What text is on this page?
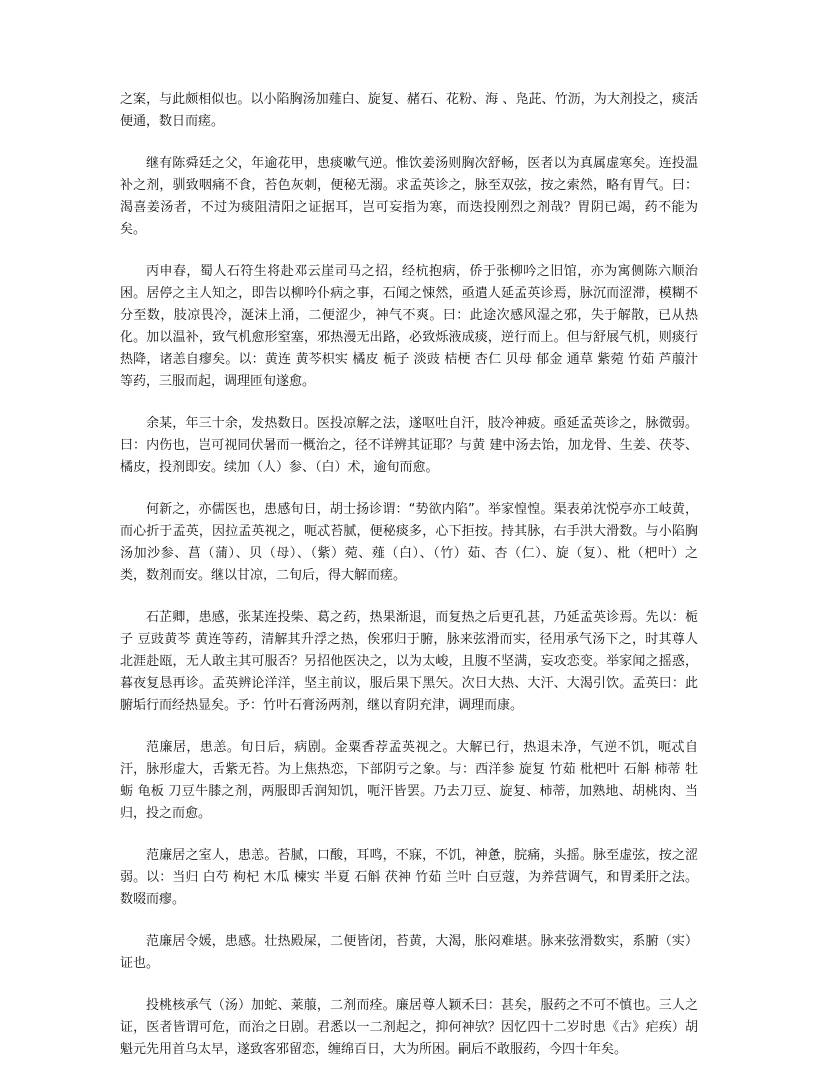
之案，与此颇相似也。以小陷胸汤加薤白、旋复、赭石、花粉、海 、凫茈、竹沥，为大剂投之，痰活便通，数日而瘥。

继有陈舜廷之父，年逾花甲，患痰嗽气逆。惟饮姜汤则胸次舒畅，医者以为真属虚寒矣。连投温补之剂，驯致咽痛不食，苔色灰刺，便秘无溺。求孟英诊之，脉至双弦，按之索然，略有胃气。曰：渴喜姜汤者，不过为痰阻清阳之证据耳，岂可妄指为寒，而迭投刚烈之剂哉？胃阴已竭，药不能为矣。

丙申春，蜀人石符生将赴邓云崖司马之招，经杭抱病，侨于张柳吟之旧馆，亦为寓侧陈六顺治困。居停之主人知之，即告以柳吟仆病之事，石闻之悚然，亟遣人延孟英诊焉，脉沉而涩滞，模糊不分至数，肢凉畏冷，涎沫上涌，二便涩少，神气不爽。曰：此途次感风湿之邪，失于解散，已从热化。加以温补，致气机愈形窒塞，邪热漫无出路，必致烁液成痰，逆行而上。但与舒展气机，则痰行热降，诸恙自瘳矣。以：黄连 黄芩枳实 橘皮 栀子 淡豉 桔梗 杏仁 贝母 郁金 通草 紫菀 竹茹 芦菔汁等药，三服而起，调理匝旬遂愈。

余某，年三十余，发热数日。医投凉解之法，遂呕吐自汗，肢冷神疲。亟延孟英诊之，脉微弱。曰：内伤也，岂可视同伏暑而一概治之，径不详辨其证耶？与黄 建中汤去饴，加龙骨、生姜、茯苓、橘皮，投剂即安。续加（人）参、（白）术，逾旬而愈。

何新之，亦儒医也，患感旬日，胡士扬诊谓：“势欲内陷”。举家惶惶。渠表弟沈悦亭亦工岐黄，而心折于孟英，因拉孟英视之，呃忒苔腻，便秘痰多，心下拒按。持其脉，右手洪大滑数。与小陷胸汤加沙参、菖（蒲）、贝（母）、（紫）菀、薤（白）、（竹）茹、杏（仁）、旋（复）、枇（杷叶）之类，数剂而安。继以甘凉，二旬后，得大解而瘥。

石芷卿，患感，张某连投柴、葛之药，热果渐退，而复热之后更孔甚，乃延孟英诊焉。先以：栀子 豆豉黄芩 黄连等药，清解其升浮之热，俟邪归于腑，脉来弦滑而实，径用承气汤下之，时其尊人北涯赴瓯，无人敢主其可服否？另招他医决之，以为太峻，且腹不坚满，妄攻恋变。举家闻之摇惑，暮夜复恳再诊。孟英辨论洋洋，坚主前议，服后果下黑矢。次日大热、大汗、大渴引饮。孟英曰：此腑垢行而经热显矣。予：竹叶石膏汤两剂，继以育阴充津，调理而康。

范廉居，患恙。旬日后，病剧。金粟香荐孟英视之。大解已行，热退未净，气逆不饥，呃忒自汗，脉形虚大，舌紫无苔。为上焦热恋，下部阴亏之象。与：西洋参 旋复 竹茹 枇杷叶 石斛 柿蒂 牡蛎 龟板 刀豆牛膝之剂，两服即舌润知饥，呃汗皆罢。乃去刀豆、旋复、柿蒂，加熟地、胡桃肉、当归，投之而愈。

范廉居之室人，患恙。苔腻，口酸，耳鸣，不寐，不饥，神惫，脘痛，头摇。脉至虚弦，按之涩弱。以：当归 白芍 枸杞 木瓜 楝实 半夏 石斛 茯神 竹茹 兰叶 白豆蔻，为养营调气，和胃柔肝之法。数啜而瘳。

范廉居令媛，患感。壮热殿屎，二便皆闭，苔黄，大渴，胀闷难堪。脉来弦滑数实，系腑（实）证也。

投桃核承气（汤）加蛇、莱菔，二剂而痊。廉居尊人颖禾曰：甚矣，服药之不可不慎也。三人之证，医者皆谓可危，而治之日剧。君悉以一二剂起之，抑何神欤？因忆四十二岁时患《古》疟疾）胡魁元先用首乌太早，遂致客邪留恋，缠绵百日，大为所困。嗣后不敢服药，今四十年矣。
